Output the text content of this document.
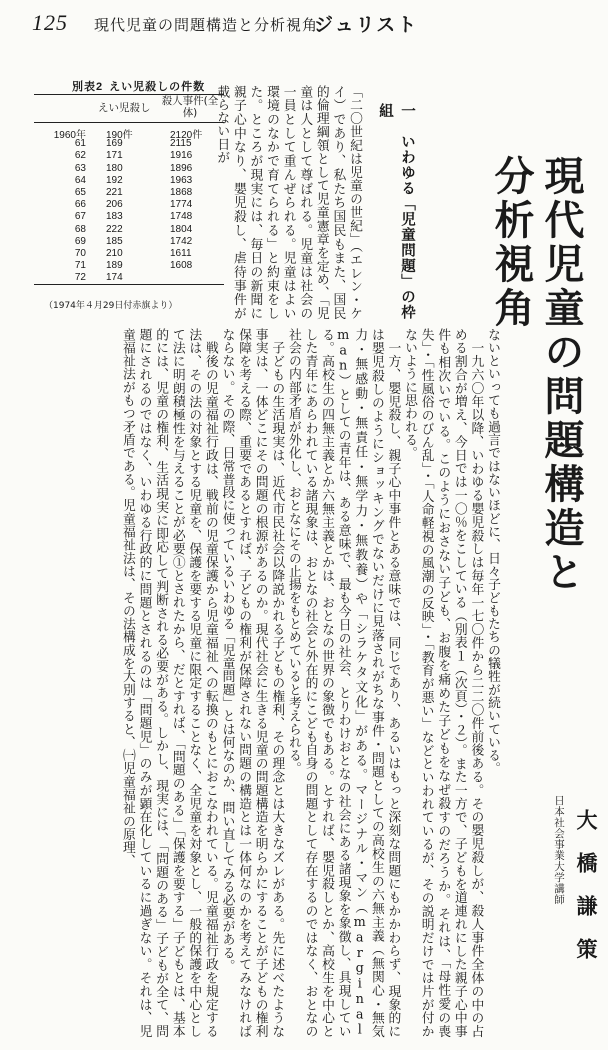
125 現代児童の問題構造と分析視角
ジュリスト
現代児童の問題構造と分析視角
大橋謙策
日本社会事業大学講師
一　いわゆる「児童問題」の枠組
「二〇世紀は児童の世紀」（エレン・ケイ）であり、私たち国民もまた、国民的倫理綱領として児童憲章を定め、「児童は人として尊ばれる。児童は社会の一員として重んぜられる。児童はよい環境のなかで育てられる」と約束をした。ところが現実には、毎日の新聞に親子心中なり、嬰児殺し、虐待事件が載らない日が
別表2 えい児殺しの件数
えい児殺し
殺人事件(全体)
1960年 190件	2120件
61 169	2115
62 171	1916
63 180	1896
64 192	1963
65 221	1868
66 206	1774
67 183	1748
68 222	1804
69 185	1742
70 210	1611
71 189	1608
72 174
（1974年４月29日付赤旗より）
ないといっても過言ではないほどに、日々子どもたちの犠牲が続いている。
　一九六〇年以降、いわゆる嬰児殺しは毎年一七〇件から二二〇件前後ある。その嬰児殺しが、殺人事件全体の中の占める割合が増え、今日では一〇％をこしている（別表１（次頁）・２）。また一方で、子どもを道連れにした親子心中事件も相次いでいる。このようにおさない子ども、お腹を痛めた子どもをなぜ殺すのだろうか。それは、「母性愛の喪失」・「性風俗のびん乱」・「人命軽視の風潮の反映」・「教育が悪い」などといわれているが、その説明だけでは片が付かないように思われる。
　一方、嬰児殺し、親子心中事件とある意味では、同じであり、あるいはもっと深刻な問題にもかかわらず、現象的には嬰児殺しのようにショッキングでないだけに見落されがちな事件・問題としての高校生の六無主義（無関心・無気力・無感動・無責任・無学力・無教養）や「シラケタ文化」がある。マージナル・マン（marginal man）としての青年は、ある意味で、最も今日の社会、とりわけおとなの社会にある諸現象を象徴し、具現している。高校生の四無主義とか六無主義とかは、おとなの世界の象徴でもある。とすれば、嬰児殺しとか、高校生を中心とした青年にあらわれている諸現象は、おとなの社会と外在的にこども自身の問題として存在するのではなく、おとなの社会の内部矛盾が外化し、おとなにその止揚をもとめていると考えられる。
　子どもの生活現実は、近代市民社会以降説かれる子どもの権利、その理念とは大きなズレがある。先に述べたような事実は、一体どこにその問題の根源があるのか。現代社会に生きる児童の問題構造を明らかにすることが子どもの権利保障を考える際、重要であるとすれば、子どもの権利が保障されない問題の構造とは一体何なのかを考えてみなければならない。その際、日常普段に使っているいわゆる「児童問題」とは何なのか、問い直してみる必要がある。
　戦後の児童福祉行政は、戦前の児童保護から児童福祉への転換のもとにおこなわれている。児童福祉行政を規定する法は、その法の対象とする児童を、保護を要する児童に限定することなく、全児童を対象とし、一般的保護を中心として法に明朗積極性を与えることが必要①とされたから、だとすれば、「問題のある」「保護を要する」子どもとは、基本的には、児童の権利、生活現実に即応して判断される必要がある。しかし、現実には、「問題のある」子どもが全て、問題にされるのではなく、いわゆる行政的に問題とされるのは「問題児」のみが顕在化しているに過ぎない。それは、児童福祉法がもつ矛盾である。児童福祉法は、その法構成を大別すると、㈠児童福祉の原理、
